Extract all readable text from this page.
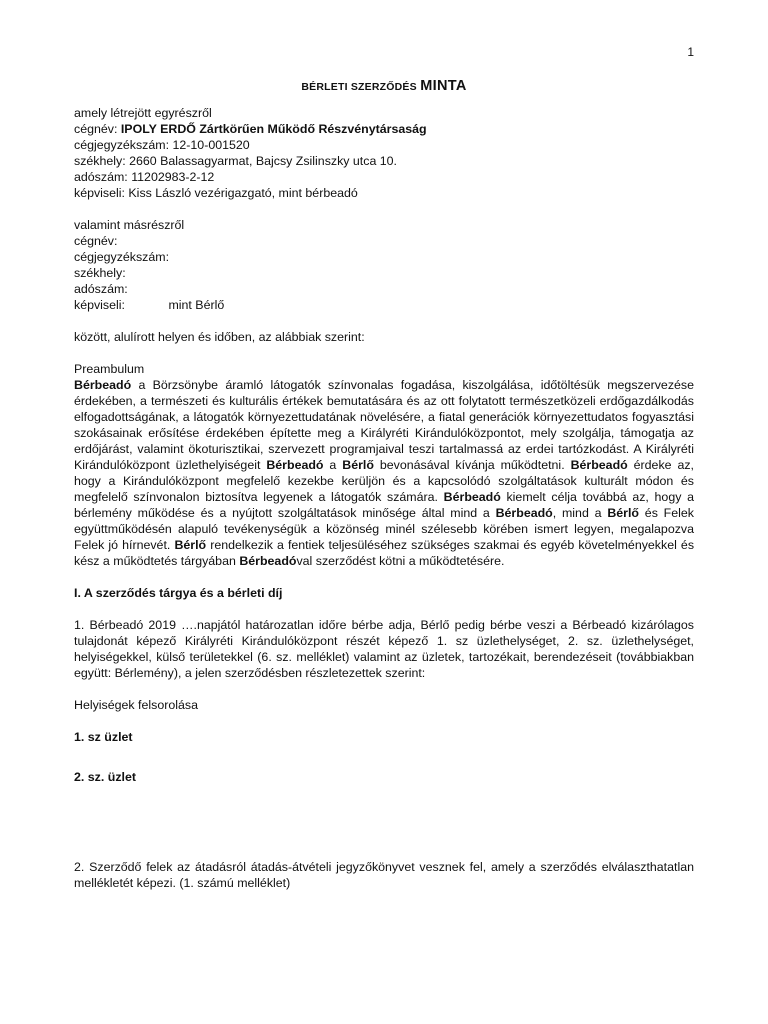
1
BÉRLETI SZERZŐDÉS MINTA
amely létrejött egyrészről
cégnév: IPOLY ERDŐ Zártkörűen Működő Részvénytársaság
cégjegyzékszám: 12-10-001520
székhely: 2660 Balassagyarmat, Bajcsy Zsilinszky utca 10.
adószám: 11202983-2-12
képviseli: Kiss László vezérigazgató, mint bérbeadó
valamint másrészről
cégnév:
cégjegyzékszám:
székhely:
adószám:
képviseli:	mint Bérlő
között, alulírott helyen és időben, az alábbiak szerint:
Preambulum
Bérbeadó a Börzsönybe áramló látogatók színvonalas fogadása, kiszolgálása, időtöltésük megszervezése érdekében, a természeti és kulturális értékek bemutatására és az ott folytatott természetközeli erdőgazdálkodás elfogadottságának, a látogatók környezettudatának növelésére, a fiatal generációk környezettudatos fogyasztási szokásainak erősítése érdekében építette meg a Királyréti Kirándulóközpontot, mely szolgálja, támogatja az erdőjárást, valamint ökoturisztikai, szervezett programjaival teszi tartalmassá az erdei tartózkodást. A Királyréti Kirándulóközpont üzlethelyiségeit Bérbeadó a Bérlő bevonásával kívánja működtetni. Bérbeadó érdeke az, hogy a Kirándulóközpont megfelelő kezekbe kerüljön és a kapcsolódó szolgáltatások kulturált módon és megfelelő színvonalon biztosítva legyenek a látogatók számára. Bérbeadó kiemelt célja továbbá az, hogy a bérlemény működése és a nyújtott szolgáltatások minősége által mind a Bérbeadó, mind a Bérlő és Felek együttműködésén alapuló tevékenységük a közönség minél szélesebb körében ismert legyen, megalapozva Felek jó hírnevét. Bérlő rendelkezik a fentiek teljesüléséhez szükséges szakmai és egyéb követelményekkel és kész a működtetés tárgyában Bérbeadóval szerződést kötni a működtetésére.
I. A szerződés tárgya és a bérleti díj
1. Bérbeadó 2019 ….napjától határozatlan időre bérbe adja, Bérlő pedig bérbe veszi a Bérbeadó kizárólagos tulajdonát képező Királyréti Kirándulóközpont részét képező 1. sz üzlethelységet, 2. sz. üzlethelységet, helyiségekkel, külső területekkel (6. sz. melléklet) valamint az üzletek, tartozékait, berendezéseit (továbbiakban együtt: Bérlemény), a jelen szerződésben részletezettek szerint:
Helyiségek felsorolása
1. sz üzlet
2. sz. üzlet
2. Szerződő felek az átadásról átadás-átvételi jegyzőkönyvet vesznek fel, amely a szerződés elválaszthatatlan mellékletét képezi. (1. számú melléklet)
